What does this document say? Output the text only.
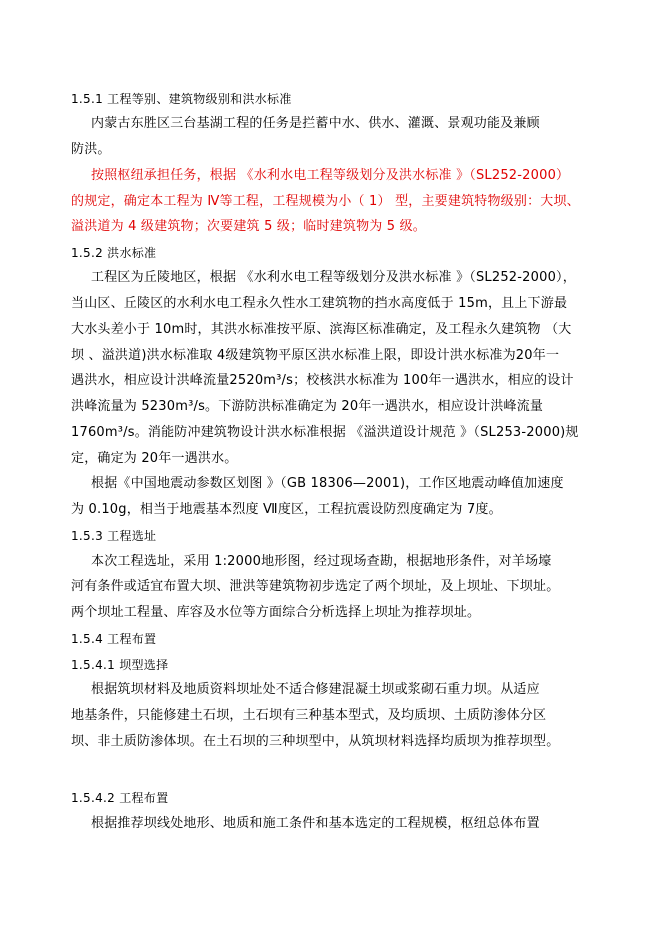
1.5.1 工程等别、建筑物级别和洪水标准
内蒙古东胜区三台基湖工程的任务是拦蓄中水、供水、灌溉、景观功能及兼顾
防洪。
按照枢纽承担任务，根据 《水利水电工程等级划分及洪水标准 》（SL252-2000）
的规定，确定本工程为 Ⅳ等工程，工程规模为小（ 1） 型，主要建筑特物级别：大坝、
溢洪道为 4 级建筑物；次要建筑 5 级；临时建筑物为 5 级。
1.5.2 洪水标准
工程区为丘陵地区，根据 《水利水电工程等级划分及洪水标准 》（SL252-2000），
当山区、丘陵区的水利水电工程永久性水工建筑物的挡水高度低于 15m，且上下游最
大水头差小于 10m时，其洪水标准按平原、滨海区标准确定，及工程永久建筑物 （大
坝 、溢洪道)洪水标准取 4级建筑物平原区洪水标准上限，即设计洪水标准为20年一
遇洪水，相应设计洪峰流量2520m³/s；校核洪水标准为 100年一遇洪水，相应的设计
洪峰流量为 5230m³/s。下游防洪标准确定为 20年一遇洪水，相应设计洪峰流量
1760m³/s。消能防冲建筑物设计洪水标准根据 《溢洪道设计规范 》（SL253-2000)规
定，确定为 20年一遇洪水。
根据《中国地震动参数区划图 》（GB 18306—2001)，工作区地震动峰值加速度
为 0.10g，相当于地震基本烈度 Ⅶ度区，工程抗震设防烈度确定为 7度。
1.5.3 工程选址
本次工程选址，采用 1:2000地形图，经过现场查勘，根据地形条件，对羊场壕
河有条件或适宜布置大坝、泄洪等建筑物初步选定了两个坝址，及上坝址、下坝址。
两个坝址工程量、库容及水位等方面综合分析选择上坝址为推荐坝址。
1.5.4 工程布置
1.5.4.1 坝型选择
根据筑坝材料及地质资料坝址处不适合修建混凝土坝或浆砌石重力坝。从适应
地基条件，只能修建土石坝，土石坝有三种基本型式，及均质坝、土质防渗体分区
坝、非土质防渗体坝。在土石坝的三种坝型中，从筑坝材料选择均质坝为推荐坝型。
1.5.4.2 工程布置
根据推荐坝线处地形、地质和施工条件和基本选定的工程规模，枢纽总体布置
